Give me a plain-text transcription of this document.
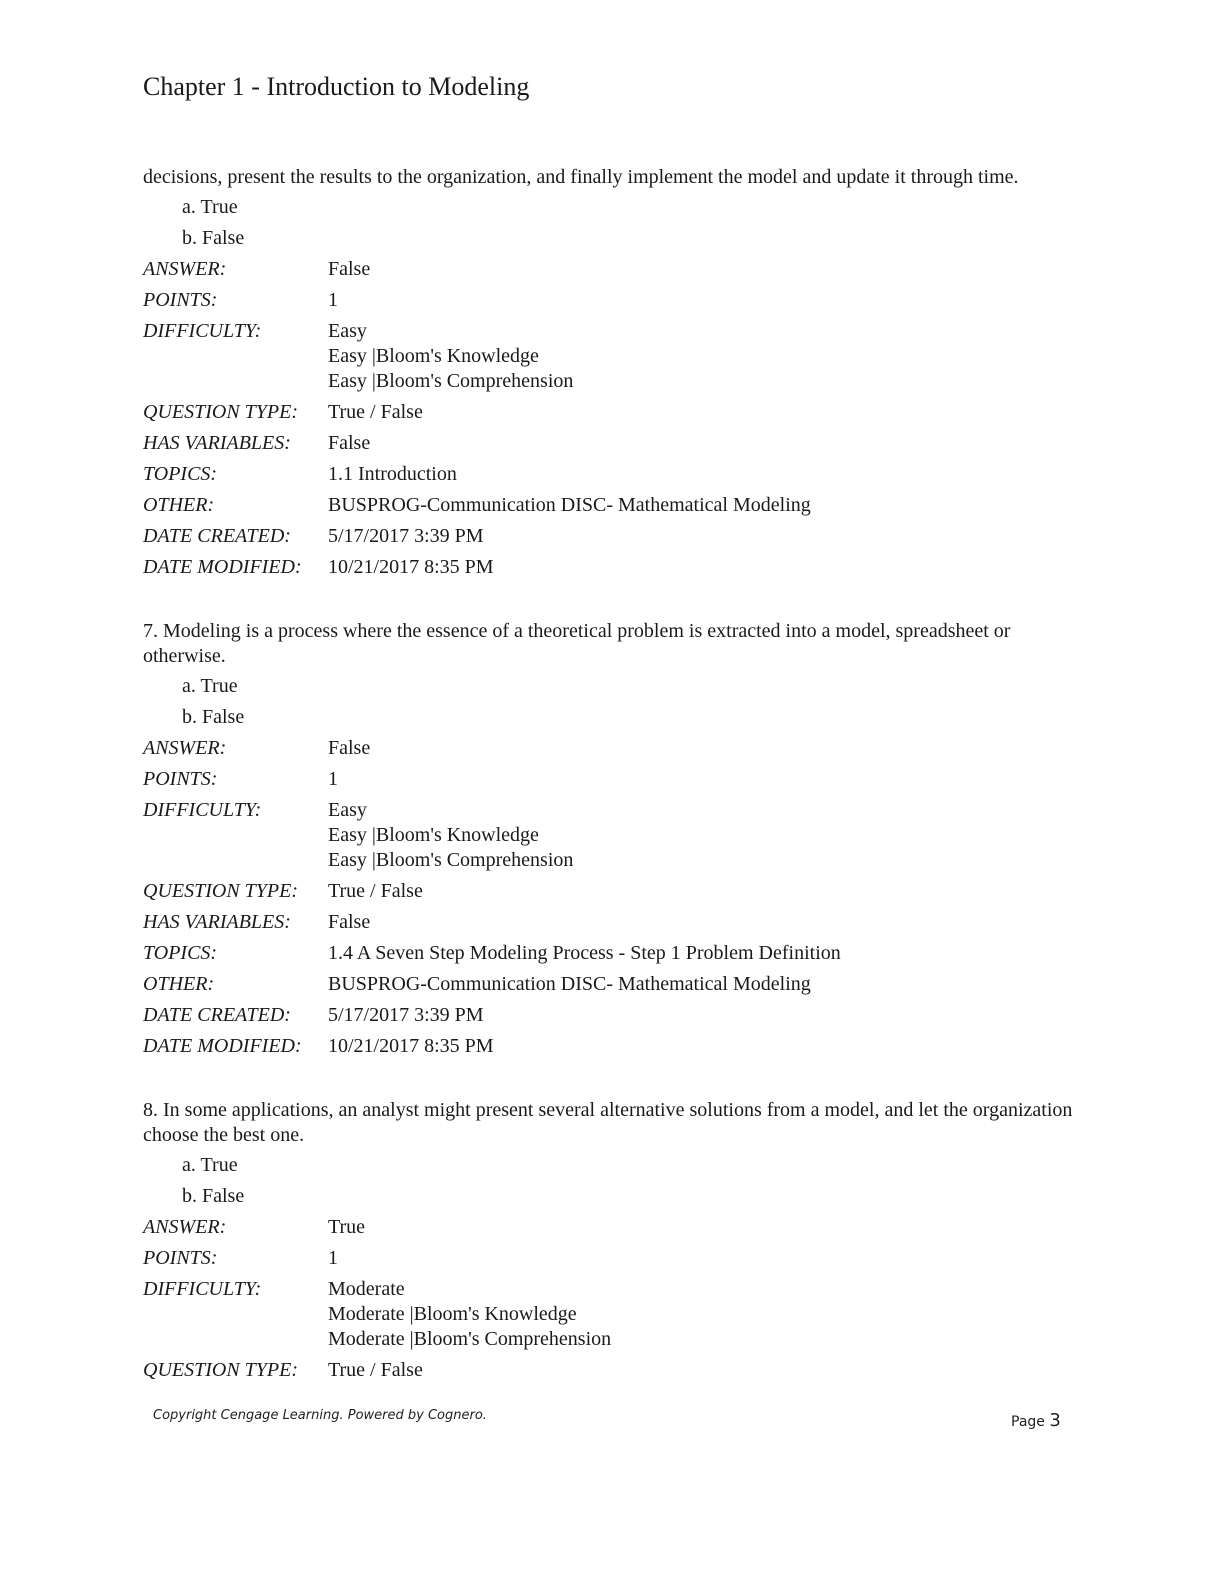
Chapter 1 - Introduction to Modeling

decisions, present the results to the organization, and finally implement the model and update it through time.

a. True
b. False
ANSWER:	False
POINTS:	1
DIFFICULTY:	Easy
Easy |Bloom's Knowledge
Easy |Bloom's Comprehension
QUESTION TYPE:	True / False
HAS VARIABLES:	False
TOPICS:	1.1 Introduction
OTHER:	BUSPROG-Communication DISC- Mathematical Modeling
DATE CREATED:	5/17/2017 3:39 PM
DATE MODIFIED:	10/21/2017 8:35 PM

7. Modeling is a process where the essence of a theoretical problem is extracted into a model, spreadsheet or otherwise.

a. True
b. False
ANSWER:	False
POINTS:	1
DIFFICULTY:	Easy
Easy |Bloom's Knowledge
Easy |Bloom's Comprehension
QUESTION TYPE:	True / False
HAS VARIABLES:	False
TOPICS:	1.4 A Seven Step Modeling Process - Step 1 Problem Definition
OTHER:	BUSPROG-Communication DISC- Mathematical Modeling
DATE CREATED:	5/17/2017 3:39 PM
DATE MODIFIED:	10/21/2017 8:35 PM

8. In some applications, an analyst might present several alternative solutions from a model, and let the organization choose the best one.

a. True
b. False
ANSWER:	True
POINTS:	1
DIFFICULTY:	Moderate
Moderate |Bloom's Knowledge
Moderate |Bloom's Comprehension
QUESTION TYPE:	True / False
Copyright Cengage Learning. Powered by Cognero.	Page 3
